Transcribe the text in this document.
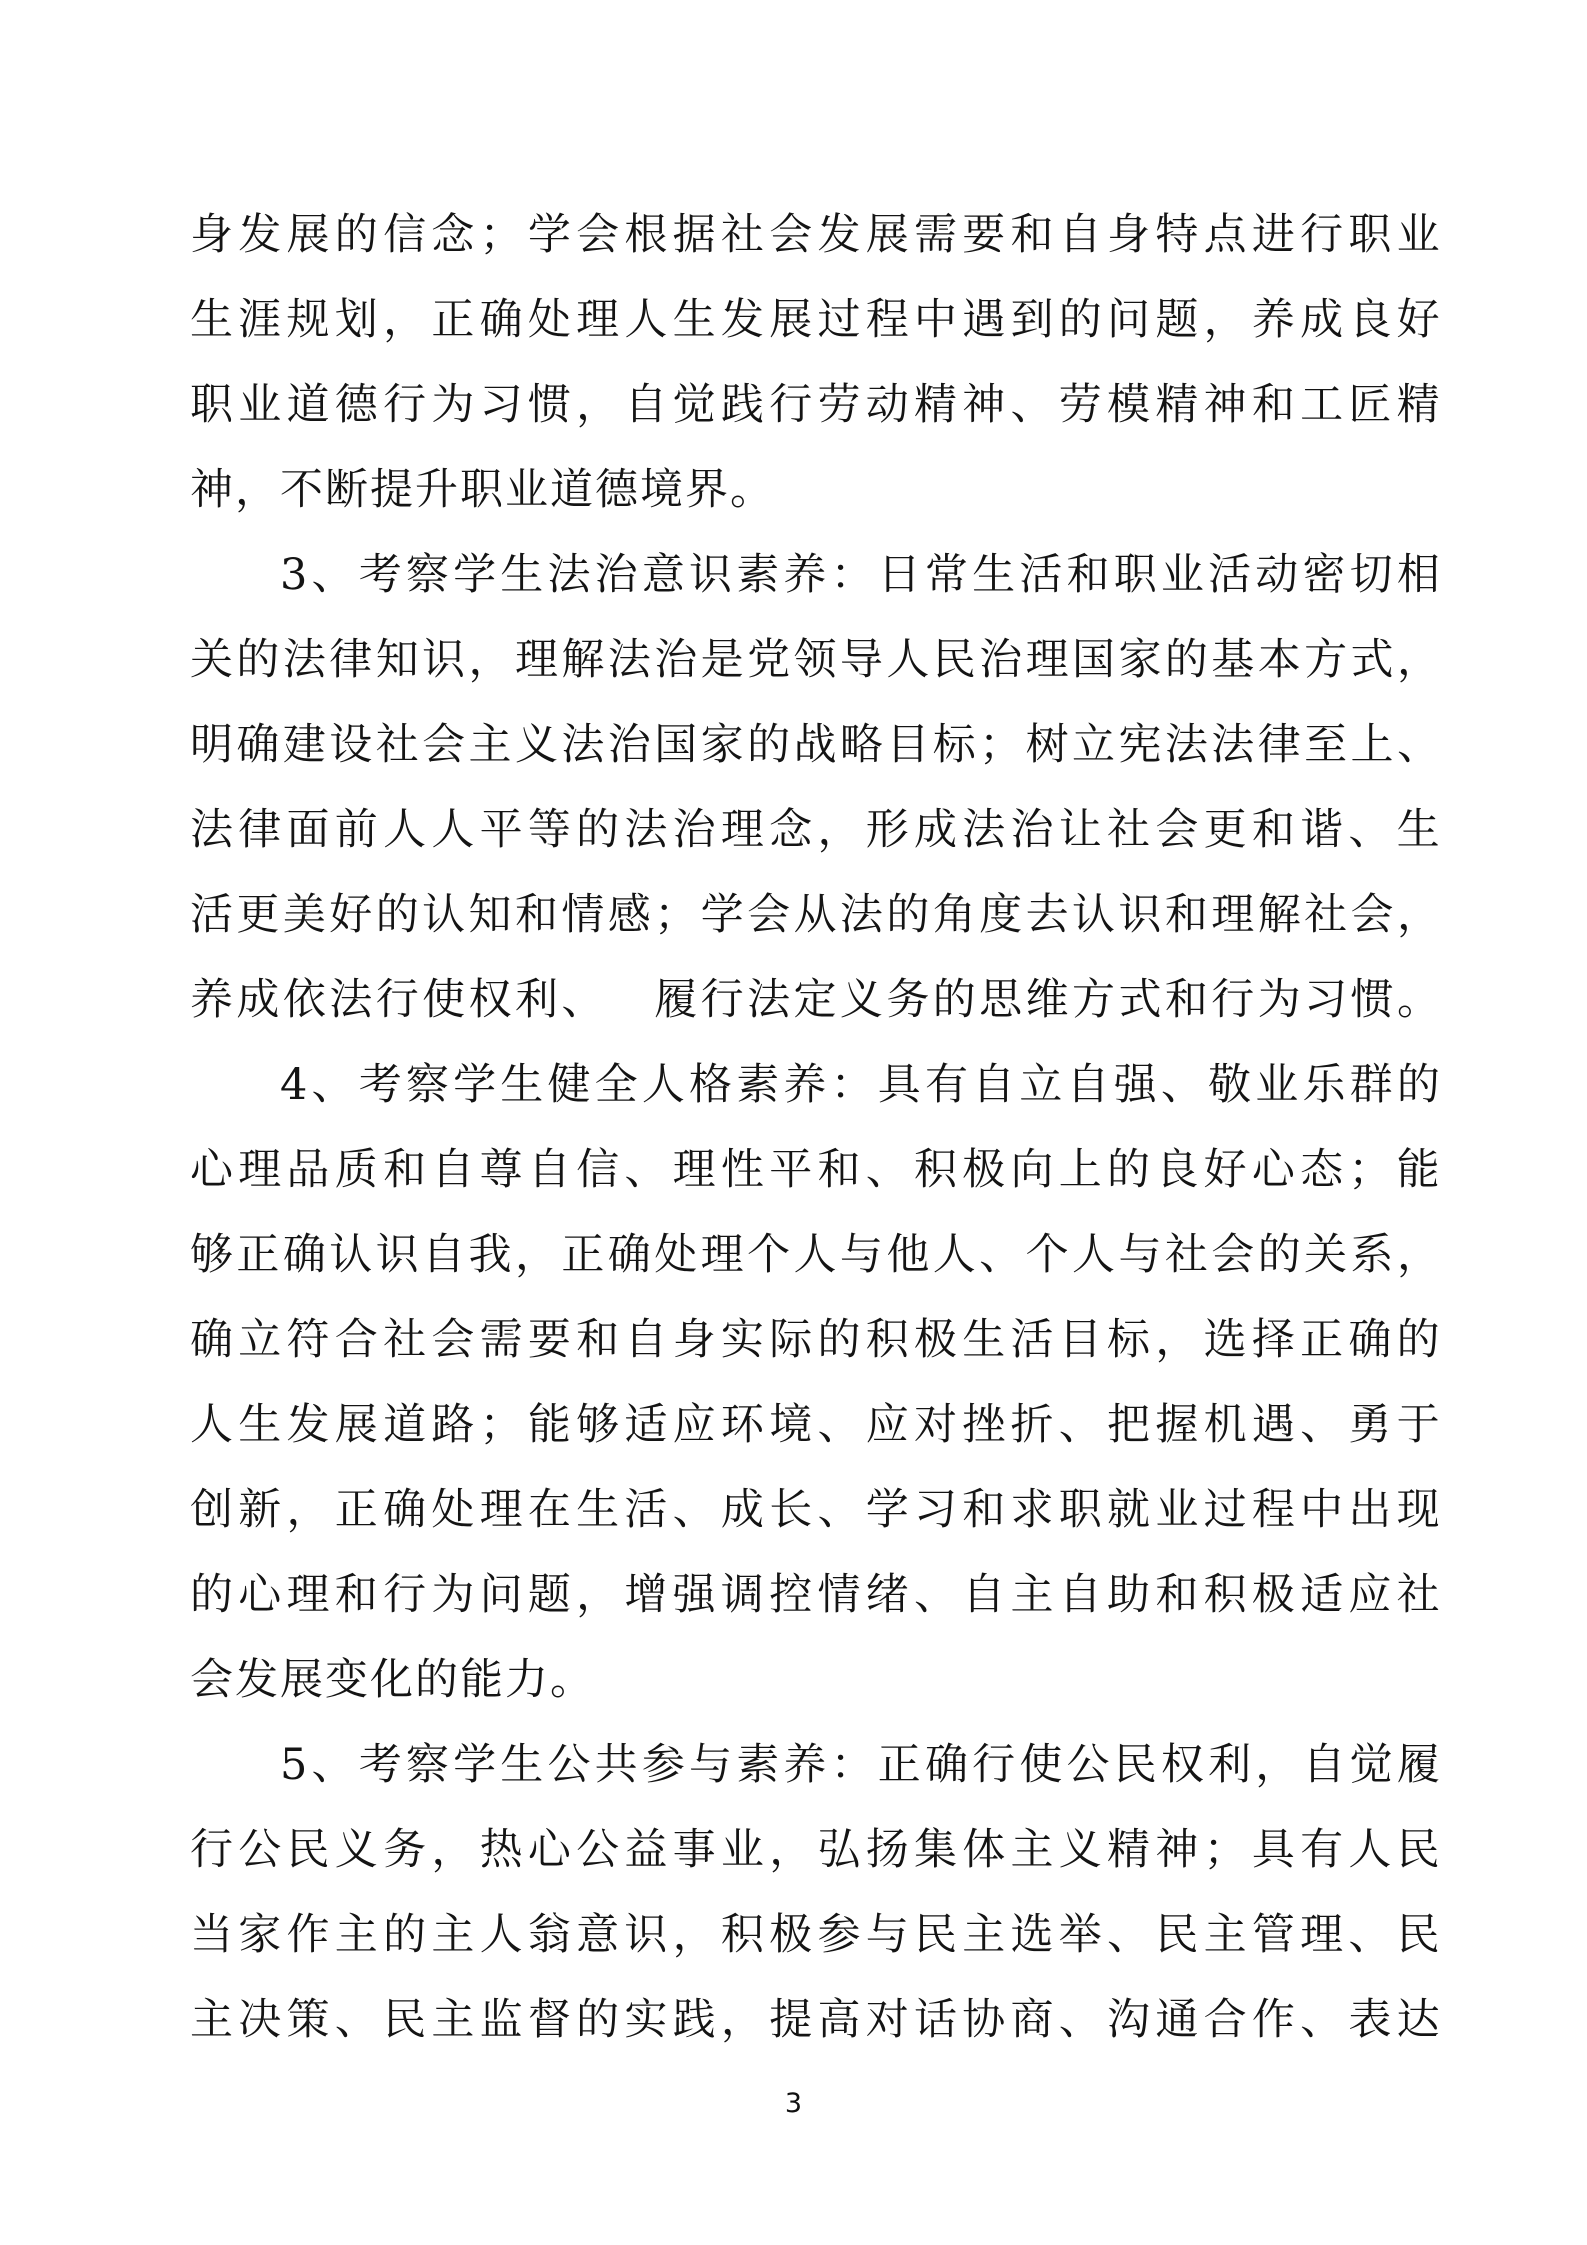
身 发 展 的 信 念 ； 学 会 根 据 社 会 发 展 需 要 和 自 身 特 点 进 行 职 业
生 涯 规 划 ， 正 确 处 理 人 生 发 展 过 程 中 遇 到 的 问 题 ， 养 成 良 好
职 业 道 德 行 为 习 惯 ， 自 觉 践 行 劳 动 精 神 、 劳 模 精 神 和 工 匠 精
神，不断提升职业道德境界。
3 、 考 察 学 生 法 治 意 识 素 养 ： 日 常 生 活 和 职 业 活 动 密 切 相
关 的 法 律 知 识 ， 理 解 法 治 是 党 领 导 人 民 治 理 国 家 的 基 本 方 式 ，
明 确 建 设 社 会 主 义 法 治 国 家 的 战 略 目 标 ； 树 立 宪 法 法 律 至 上 、
法 律 面 前 人 人 平 等 的 法 治 理 念 ， 形 成 法 治 让 社 会 更 和 谐 、 生
活 更 美 好 的 认 知 和 情 感 ； 学 会 从 法 的 角 度 去 认 识 和 理 解 社 会 ，
养 成 依 法 行 使 权 利 、
　 履 行 法 定 义 务 的 思 维 方 式 和 行 为 习 惯 。
4 、 考 察 学 生 健 全 人 格 素 养 ： 具 有 自 立 自 强 、 敬 业 乐 群 的
心 理 品 质 和 自 尊 自 信 、 理 性 平 和 、 积 极 向 上 的 良 好 心 态 ； 能
够 正 确 认 识 自 我 ， 正 确 处 理 个 人 与 他 人 、 个 人 与 社 会 的 关 系 ，
确 立 符 合 社 会 需 要 和 自 身 实 际 的 积 极 生 活 目 标 ， 选 择 正 确 的
人 生 发 展 道 路 ； 能 够 适 应 环 境 、 应 对 挫 折 、 把 握 机 遇 、 勇 于
创 新 ， 正 确 处 理 在 生 活 、 成 长 、 学 习 和 求 职 就 业 过 程 中 出 现
的 心 理 和 行 为 问 题 ， 增 强 调 控 情 绪 、 自 主 自 助 和 积 极 适 应 社
会发展变化的能力。
5 、 考 察 学 生 公 共 参 与 素 养 ： 正 确 行 使 公 民 权 利 ， 自 觉 履
行 公 民 义 务 ， 热 心 公 益 事 业 ， 弘 扬 集 体 主 义 精 神 ； 具 有 人 民
当 家 作 主 的 主 人 翁 意 识 ， 积 极 参 与 民 主 选 举 、 民 主 管 理 、 民
主 决 策 、 民 主 监 督 的 实 践 ， 提 高 对 话 协 商 、 沟 通 合 作 、 表 达
3
